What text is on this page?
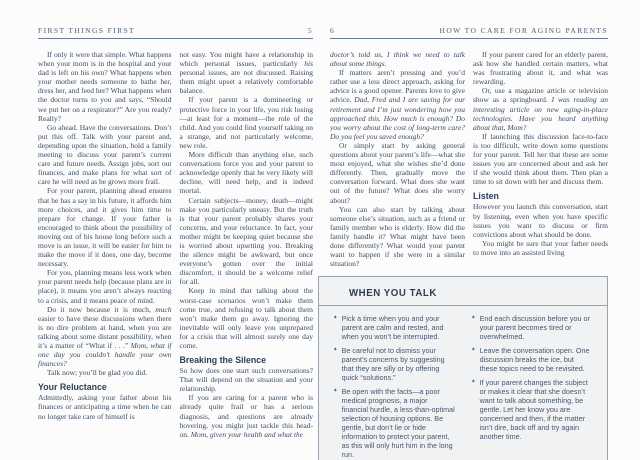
FIRST THINGS FIRST	5

If only it were that simple. What happens when your mom is in the hospital and your dad is left on his own? What happens when your mother needs someone to bathe her, dress her, and feed her? What happens when the doctor turns to you and says, “Should we put her on a respirator?” Are you ready? Really?

Go ahead. Have the conversations. Don’t put this off. Talk with your parent and, depending upon the situation, hold a family meeting to discuss your parent’s current care and future needs. Assign jobs, sort out finances, and make plans for what sort of care he will need as he grows more frail.

For your parent, planning ahead ensures that he has a say in his future, it affords him more choices, and it gives him time to prepare for change. If your father is encouraged to think about the possibility of moving out of his house long before such a move is an issue, it will be easier for him to make the move if it does, one day, become necessary.

For you, planning means less work when your parent needs help (because plans are in place), it means you aren’t always reacting to a crisis, and it means peace of mind.

Do it now because it is much, much easier to have these discussions when there is no dire problem at hand, when you are talking about some distant possibility, when it’s a matter of “What if . . .” Mom, what if one day you couldn’t handle your own finances?

Talk now; you’ll be glad you did.

Your Reluctance

Admittedly, asking your father about his finances or anticipating a time when he can no longer take care of himself is

not easy. You might have a relationship in which personal issues, particularly his personal issues, are not discussed. Raising them might upset a relatively comfortable balance.

If your parent is a domineering or protective force in your life, you risk losing—at least for a moment—the role of the child. And you could find yourself taking on a strange, and not particularly welcome, new role.

More difficult than anything else, such conversations force you and your parent to acknowledge openly that he very likely will decline, will need help, and is indeed mortal.

Certain subjects—money, death—might make you particularly uneasy. But the truth is that your parent probably shares your concerns, and your reluctance. In fact, your mother might be keeping quiet because she is worried about upsetting you. Breaking the silence might be awkward, but once everyone’s gotten over the initial discomfort, it should be a welcome relief for all.

Keep in mind that talking about the worst-case scenarios won’t make them come true, and refusing to talk about them won’t make them go away. Ignoring the inevitable will only leave you unprepared for a crisis that will almost surely one day come.

Breaking the Silence

So how does one start such conversations? That will depend on the situation and your relationship.

If you are caring for a parent who is already quite frail or has a serious diagnosis, and questions are already hovering, you might just tackle this head-on. Mom, given your health and what the

6	HOW TO CARE FOR AGING PARENTS

doctor’s told us, I think we need to talk about some things.

If matters aren’t pressing and you’d rather use a less direct approach, asking for advice is a good opener. Parents love to give advice. Dad, Fred and I are saving for our retirement and I’m just wondering how you approached this. How much is enough? Do you worry about the cost of long-term care? Do you feel you saved enough?

Or simply start by asking general questions about your parent’s life—what she most enjoyed, what she wishes she’d done differently. Then, gradually move the conversation forward. What does she want out of the future? What does she worry about?

You can also start by talking about someone else’s situation, such as a friend or family member who is elderly. How did the family handle it? What might have been done differently? What would your parent want to happen if she were in a similar situation?

If your parent cared for an elderly parent, ask how she handled certain matters, what was frustrating about it, and what was rewarding.

Or, use a magazine article or television show as a springboard. I was reading an interesting article on new aging-in-place technologies. Have you heard anything about that, Mom?

If launching this discussion face-to-face is too difficult, write down some questions for your parent. Tell her that these are some issues you are concerned about and ask her if she would think about them. Then plan a time to sit down with her and discuss them.

Listen

However you launch this conversation, start by listening, even when you have specific issues you want to discuss or firm convictions about what should be done.

You might be sure that your father needs to move into an assisted living

WHEN YOU TALK
✦ Pick a time when you and your parent are calm and rested, and when you won’t be interrupted.
✦ Be careful not to dismiss your parent’s concerns by suggesting that they are silly or by offering quick “solutions.”
✦ Be open with the facts—a poor medical prognosis, a major financial hurdle, a less-than-optimal selection of housing options. Be gentle, but don’t lie or hide information to protect your parent, as this will only hurt him in the long run.
✦ End each discussion before you or your parent becomes tired or overwhelmed.
✦ Leave the conversation open. One discussion breaks the ice, but these topics need to be revisited.
✦ If your parent changes the subject or makes it clear that she doesn’t want to talk about something, be gentle. Let her know you are concerned and then, if the matter isn’t dire, back off and try again another time.
